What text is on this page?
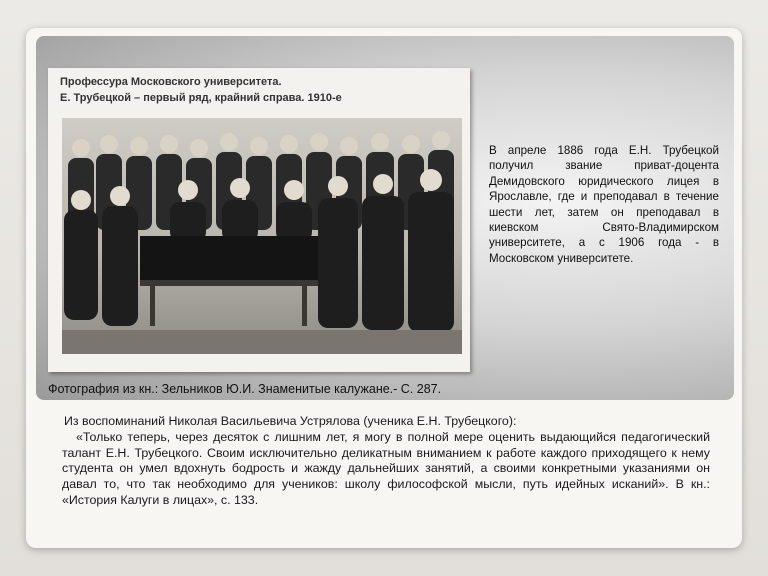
Профессура Московского университета.
Е. Трубецкой – первый ряд, крайний справа. 1910-е
В апреле 1886 года Е.Н. Трубецкой получил звание приват-доцента Демидовского юридического лицея в Ярославле, где и преподавал в течение шести лет, затем он преподавал в киевском Свято-Владимирском университете, а с 1906 года - в Московском университете.
Фотография из кн.: Зельников Ю.И. Знаменитые калужане.- С. 287.

Из воспоминаний Николая Васильевича Устрялова (ученика Е.Н. Трубецкого):

«Только теперь, через десяток с лишним лет, я могу в полной мере оценить выдающийся педагогический талант Е.Н. Трубецкого. Своим исключительно деликатным вниманием к работе каждого приходящего к нему студента он умел вдохнуть бодрость и жажду дальнейших занятий, а своими конкретными указаниями он давал то, что так необходимо для учеников: школу философской мысли, путь идейных исканий». В кн.: «История Калуги в лицах», с. 133.
